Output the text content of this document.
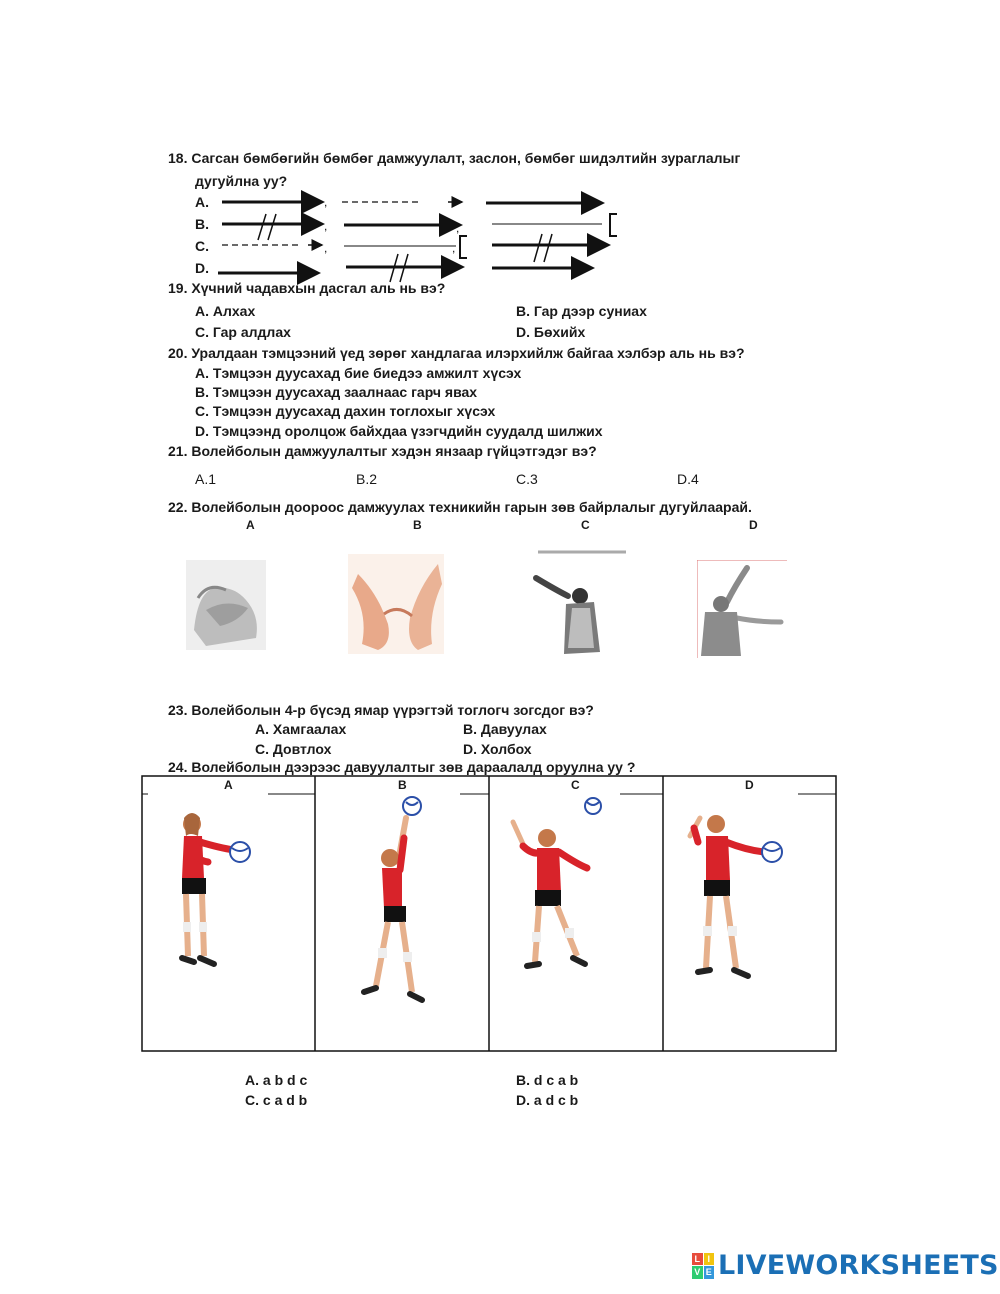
18. Сагсан бөмбөгийн бөмбөг дамжуулалт, заслон, бөмбөг шидэлтийн зураглалыг
дугуйлна уу?
A.
B.
C.
D.
,
,	,
,	,
19. Хүчний чадавхын дасгал аль нь вэ?
A. Алхах	B. Гар дээр суниах
C. Гар алдлах	D. Бөхийх
20. Уралдаан тэмцээний үед зөрөг хандлагаа илэрхийлж байгаа хэлбэр аль нь вэ?
A. Тэмцээн дуусахад бие биедээ амжилт хүсэх
B. Тэмцээн дуусахад заалнаас гарч явах
C. Тэмцээн дуусахад дахин тоглохыг хүсэх
D. Тэмцээнд оролцож байхдаа үзэгчдийн суудалд шилжих
21. Волейболын дамжуулалтыг хэдэн янзаар гүйцэтгэдэг вэ?
A.1	B.2	C.3	D.4
22. Волейболын доороос дамжуулах техникийн гарын зөв байрлалыг дугуйлаарай.
A	B	C	D
23. Волейболын 4-р бүсэд ямар үүрэгтэй тоглогч зогсдог вэ?
A. Хамгаалах	B. Давуулах
C. Довтлох	D. Холбох
24. Волейболын дээрээс давуулалтыг зөв дараалалд оруулна уу ?
A	B	C	D
A. a b d c	B. d c a b
C. c a d b	D. a d c b
L I
V E LIVEWORKSHEETS
